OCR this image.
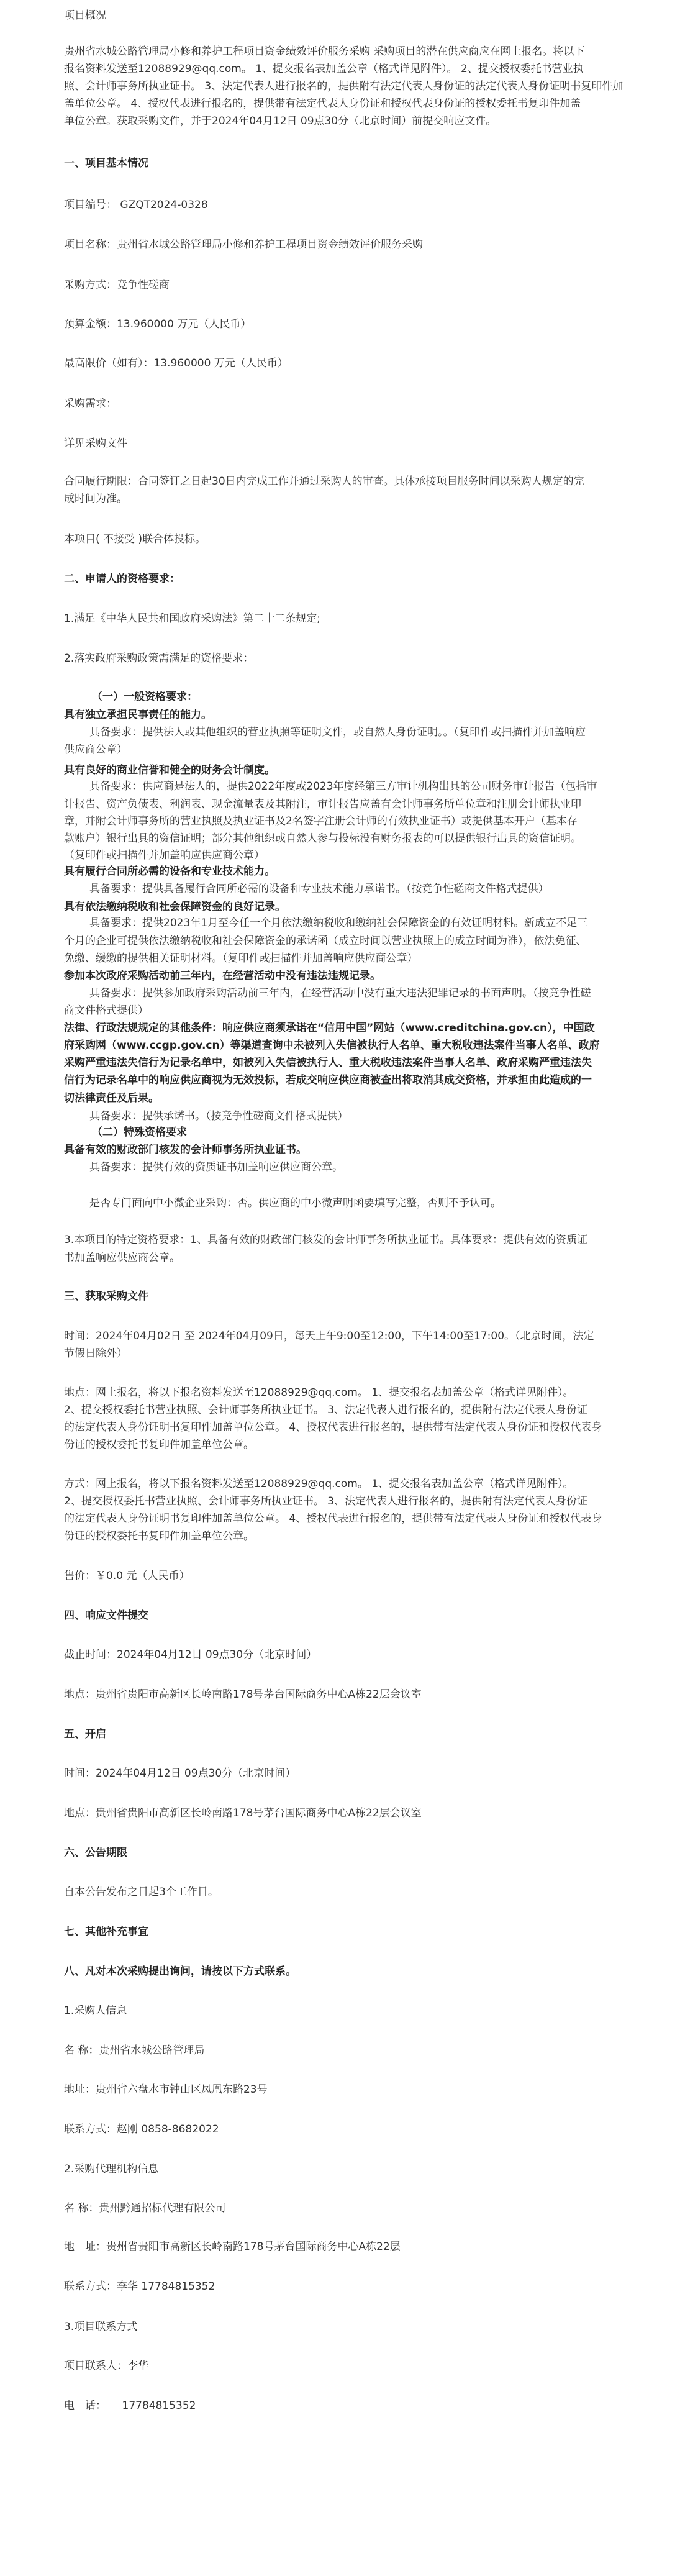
项目概况
贵州省水城公路管理局小修和养护工程项目资金绩效评价服务采购 采购项目的潜在供应商应在网上报名。将以下
报名资料发送至12088929@qq.com。 1、提交报名表加盖公章（格式详见附件）。 2、提交授权委托书营业执
照、会计师事务所执业证书。 3、法定代表人进行报名的，提供附有法定代表人身份证的法定代表人身份证明书复印件加
盖单位公章。 4、授权代表进行报名的，提供带有法定代表人身份证和授权代表身份证的授权委托书复印件加盖
单位公章。获取采购文件，并于2024年04月12日 09点30分（北京时间）前提交响应文件。
一、项目基本情况
项目编号： GZQT2024-0328
项目名称：贵州省水城公路管理局小修和养护工程项目资金绩效评价服务采购
采购方式：竞争性磋商
预算金额：13.960000 万元（人民币）
最高限价（如有）：13.960000 万元（人民币）
采购需求：
详见采购文件
合同履行期限：合同签订之日起30日内完成工作并通过采购人的审查。具体承接项目服务时间以采购人规定的完
成时间为准。
本项目( 不接受 )联合体投标。
二、申请人的资格要求：
1.满足《中华人民共和国政府采购法》第二十二条规定;
2.落实政府采购政策需满足的资格要求：
（一）一般资格要求：
具有独立承担民事责任的能力。
具备要求：提供法人或其他组织的营业执照等证明文件，或自然人身份证明。。（复印件或扫描件并加盖响应
供应商公章）
具有良好的商业信誉和健全的财务会计制度。
具备要求：供应商是法人的，提供2022年度或2023年度经第三方审计机构出具的公司财务审计报告（包括审
计报告、资产负债表、利润表、现金流量表及其附注，审计报告应盖有会计师事务所单位章和注册会计师执业印
章，并附会计师事务所的营业执照及执业证书及2名签字注册会计师的有效执业证书）或提供基本开户（基本存
款账户）银行出具的资信证明；部分其他组织或自然人参与投标没有财务报表的可以提供银行出具的资信证明。
（复印件或扫描件并加盖响应供应商公章）
具有履行合同所必需的设备和专业技术能力。
具备要求：提供具备履行合同所必需的设备和专业技术能力承诺书。（按竞争性磋商文件格式提供）
具有依法缴纳税收和社会保障资金的良好记录。
具备要求：提供2023年1月至今任一个月依法缴纳税收和缴纳社会保障资金的有效证明材料。新成立不足三
个月的企业可提供依法缴纳税收和社会保障资金的承诺函（成立时间以营业执照上的成立时间为准），依法免征、
免缴、缓缴的提供相关证明材料。（复印件或扫描件并加盖响应供应商公章）
参加本次政府采购活动前三年内，在经营活动中没有违法违规记录。
具备要求：提供参加政府采购活动前三年内，在经营活动中没有重大违法犯罪记录的书面声明。（按竞争性磋
商文件格式提供）
法律、行政法规规定的其他条件：响应供应商须承诺在“信用中国”网站（www.creditchina.gov.cn），中国政
府采购网（www.ccgp.gov.cn）等渠道查询中未被列入失信被执行人名单、重大税收违法案件当事人名单、政府
采购严重违法失信行为记录名单中，如被列入失信被执行人、重大税收违法案件当事人名单、政府采购严重违法失
信行为记录名单中的响应供应商视为无效投标，若成交响应供应商被查出将取消其成交资格，并承担由此造成的一
切法律责任及后果。
具备要求：提供承诺书。（按竞争性磋商文件格式提供）
（二）特殊资格要求
具备有效的财政部门核发的会计师事务所执业证书。
具备要求：提供有效的资质证书加盖响应供应商公章。
是否专门面向中小微企业采购：否。供应商的中小微声明函要填写完整，否则不予认可。
3.本项目的特定资格要求：1、具备有效的财政部门核发的会计师事务所执业证书。具体要求：提供有效的资质证
书加盖响应供应商公章。
三、获取采购文件
时间：2024年04月02日 至 2024年04月09日，每天上午9:00至12:00，下午14:00至17:00。（北京时间，法定
节假日除外）
地点：网上报名，将以下报名资料发送至12088929@qq.com。 1、提交报名表加盖公章（格式详见附件）。
2、提交授权委托书营业执照、会计师事务所执业证书。 3、法定代表人进行报名的，提供附有法定代表人身份证
的法定代表人身份证明书复印件加盖单位公章。 4、授权代表进行报名的，提供带有法定代表人身份证和授权代表身
份证的授权委托书复印件加盖单位公章。
方式：网上报名，将以下报名资料发送至12088929@qq.com。 1、提交报名表加盖公章（格式详见附件）。
2、提交授权委托书营业执照、会计师事务所执业证书。 3、法定代表人进行报名的，提供附有法定代表人身份证
的法定代表人身份证明书复印件加盖单位公章。 4、授权代表进行报名的，提供带有法定代表人身份证和授权代表身
份证的授权委托书复印件加盖单位公章。
售价：￥0.0 元（人民币）
四、响应文件提交
截止时间：2024年04月12日 09点30分（北京时间）
地点：贵州省贵阳市高新区长岭南路178号茅台国际商务中心A栋22层会议室
五、开启
时间：2024年04月12日 09点30分（北京时间）
地点：贵州省贵阳市高新区长岭南路178号茅台国际商务中心A栋22层会议室
六、公告期限
自本公告发布之日起3个工作日。
七、其他补充事宜
八、凡对本次采购提出询问，请按以下方式联系。
1.采购人信息
名 称：贵州省水城公路管理局
地址：贵州省六盘水市钟山区凤凰东路23号
联系方式：赵刚 0858-8682022
2.采购代理机构信息
名 称：贵州黔通招标代理有限公司
地　址：贵州省贵阳市高新区长岭南路178号茅台国际商务中心A栋22层
联系方式：李华 17784815352
3.项目联系方式
项目联系人：李华
电　话：　　17784815352
